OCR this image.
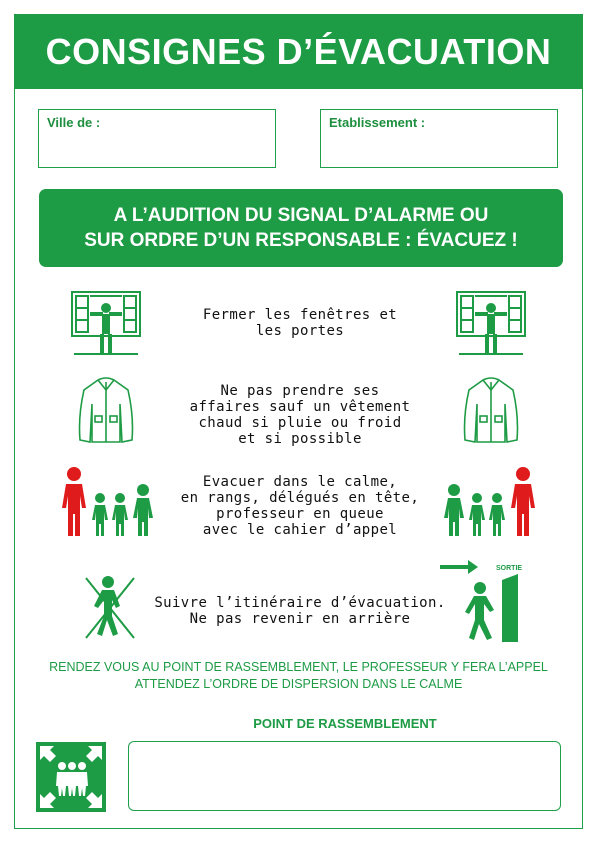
CONSIGNES D’ÉVACUATION
Ville de :	Etablissement :
A L’AUDITION DU SIGNAL D’ALARME OU
SUR ORDRE D’UN RESPONSABLE : ÉVACUEZ !
Fermer les fenêtres et
les portes
Ne pas prendre ses
affaires sauf un vêtement
chaud si pluie ou froid
et si possible
Evacuer dans le calme,
en rangs, délégués en tête,
professeur en queue
avec le cahier d’appel
Suivre l’itinéraire d’évacuation.
Ne pas revenir en arrière
SORTIE
RENDEZ VOUS AU POINT DE RASSEMBLEMENT, LE PROFESSEUR Y FERA L’APPEL
ATTENDEZ L’ORDRE DE DISPERSION DANS LE CALME
POINT DE RASSEMBLEMENT
